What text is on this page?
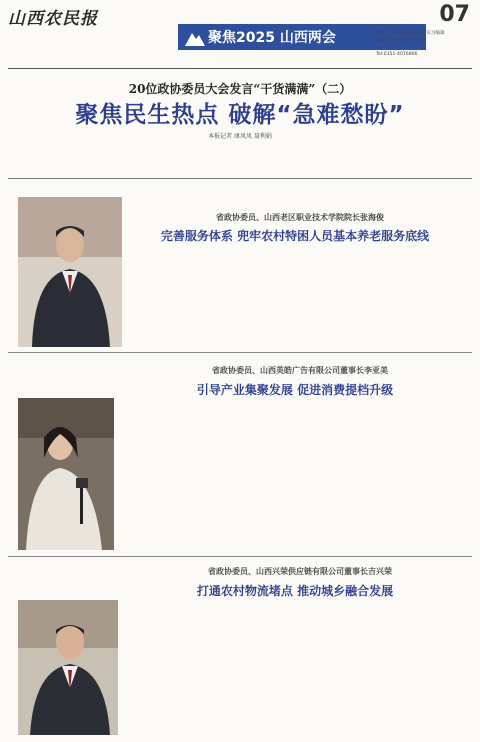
山西农民报
聚焦2025 山西两会
07
编辑：王婷 杨舒 刘晓宇 实习编辑
2025年1月23日 星期四
Tel:0351-4076866
20位政协委员大会发言“干货满满”（二）
聚焦民生热点 破解“急难愁盼”
本报记者 康凤凤 聂利娟
省政协委员、山西老区职业技术学院院长张海俊
完善服务体系 兜牢农村特困人员基本养老服务底线
省政协委员、山西英皓广告有限公司董事长李亚美
引导产业集聚发展 促进消费提档升级
省政协委员、山西兴荣供应链有限公司董事长吉兴荣
打通农村物流堵点 推动城乡融合发展
